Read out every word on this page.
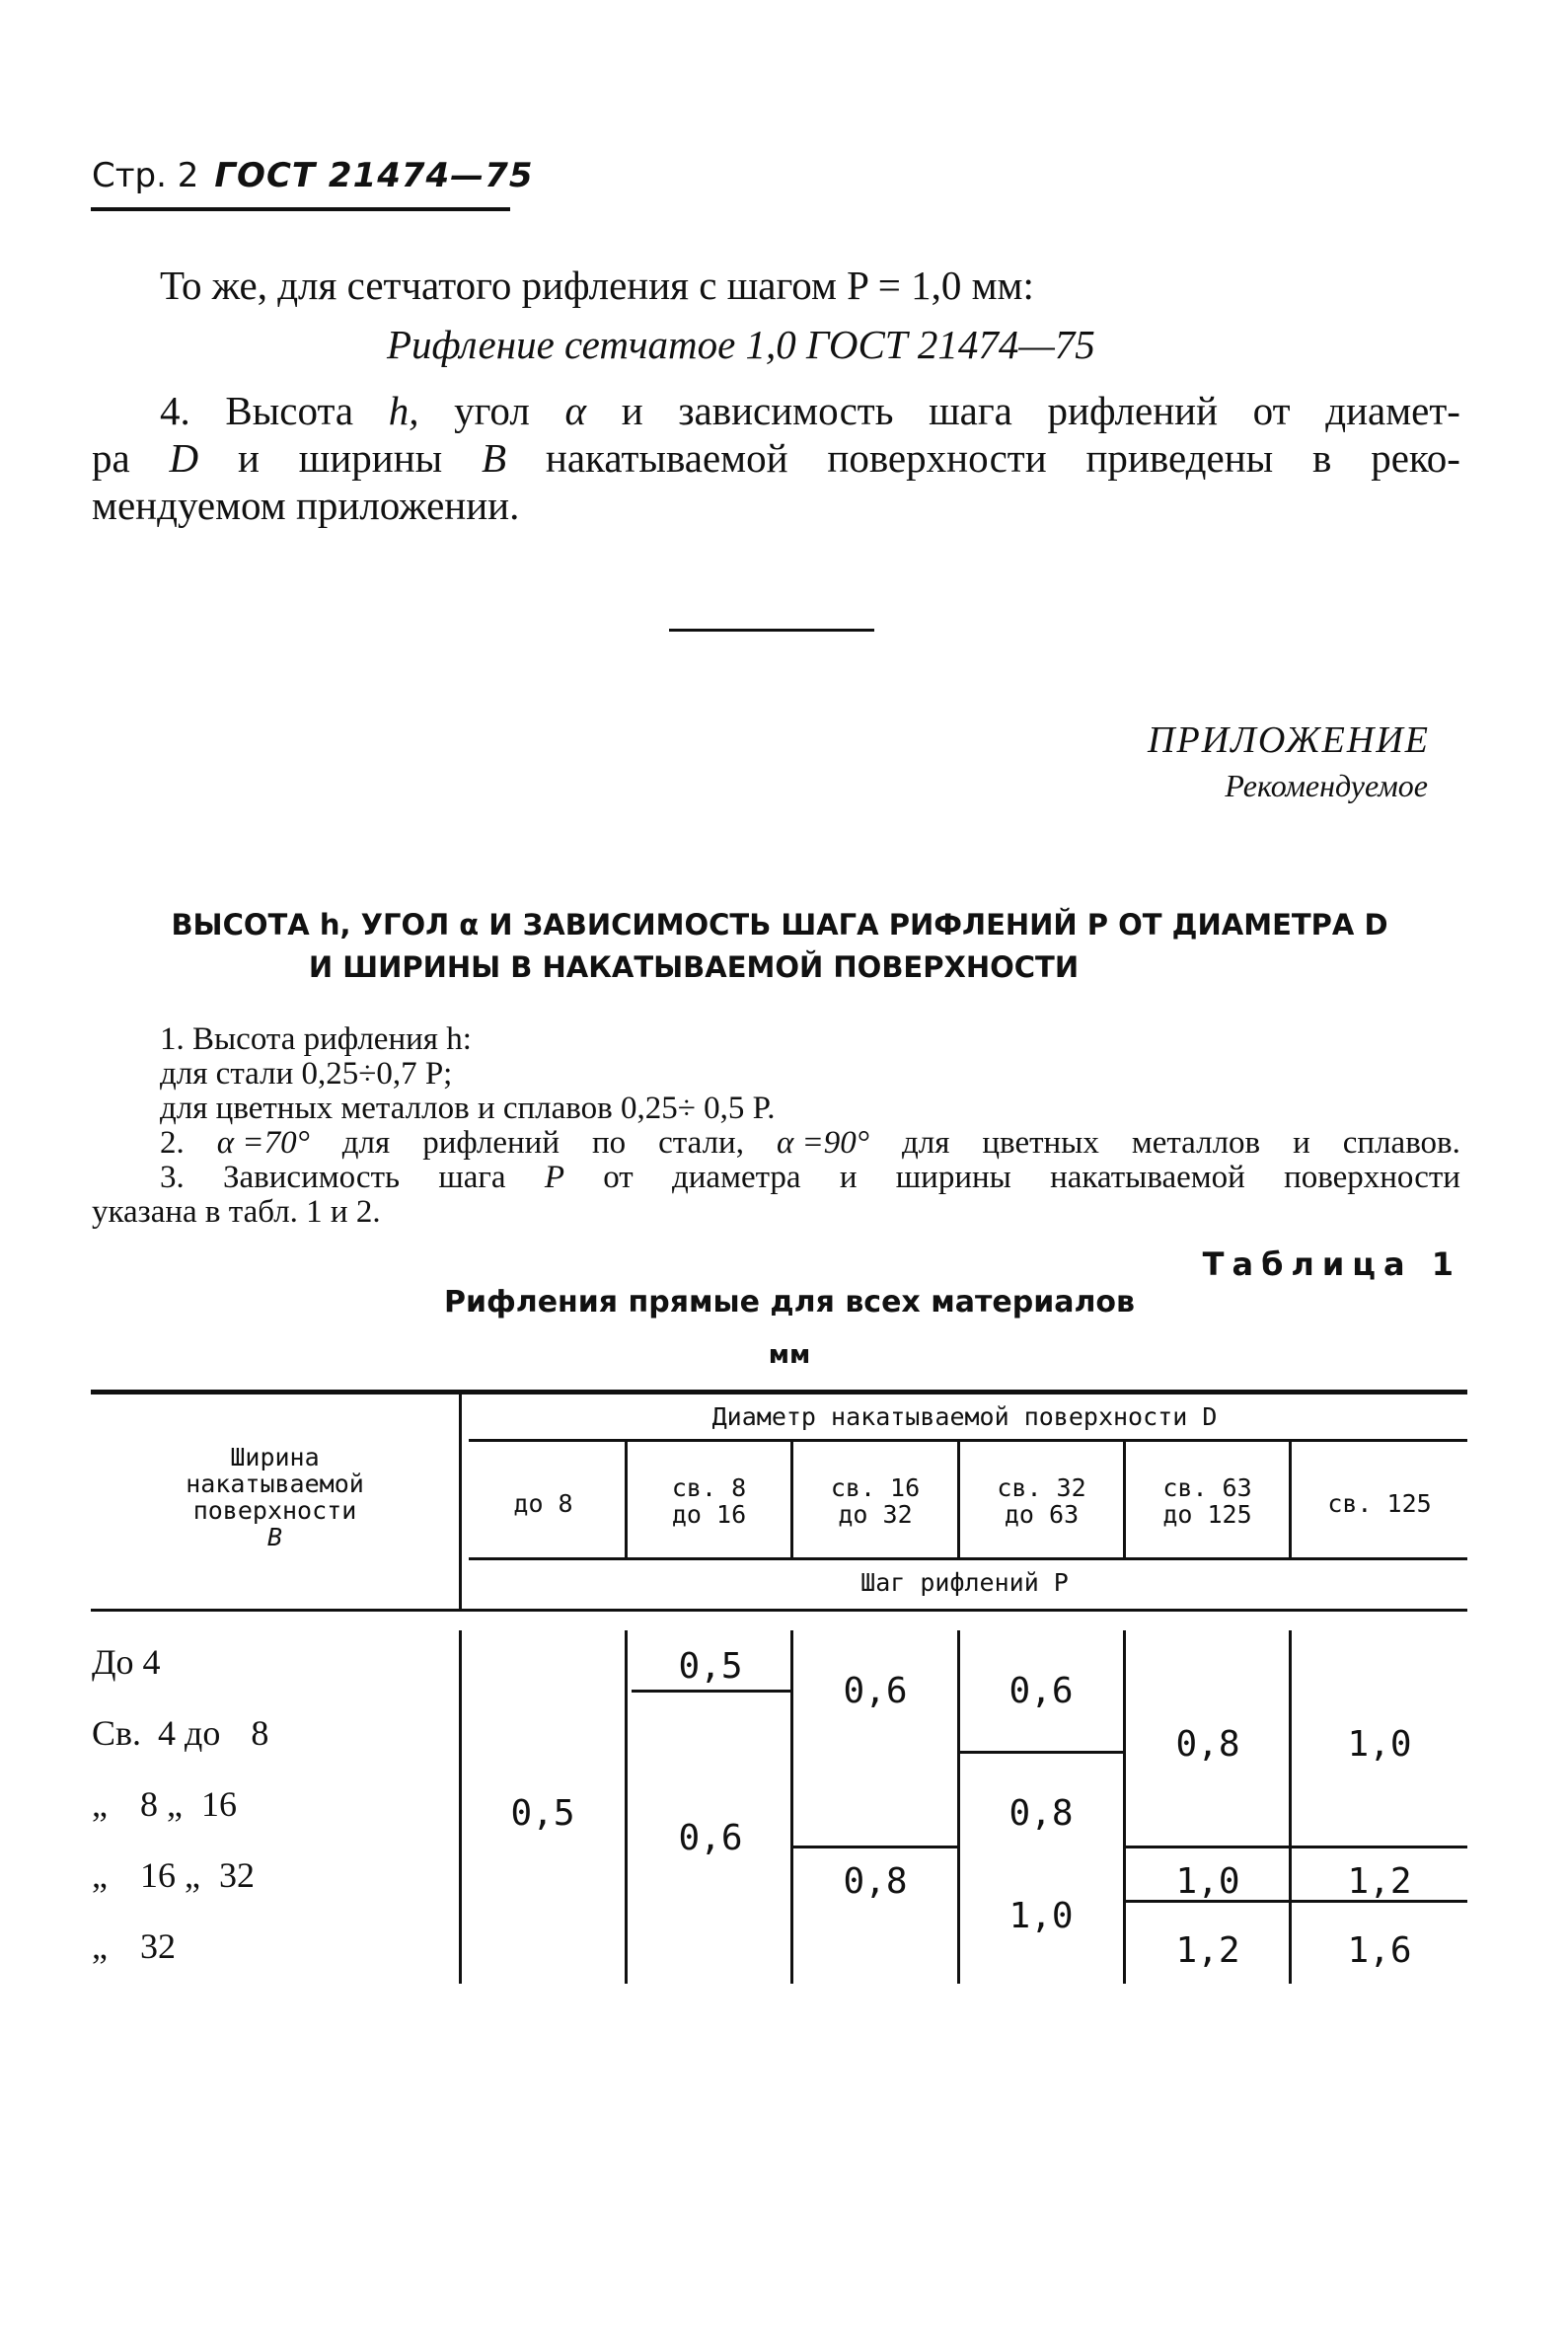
Стр. 2 ГОСТ 21474—75
То же, для сетчатого рифления с шагом P = 1,0 мм:
Рифление сетчатое 1,0 ГОСТ 21474—75
4. Высота h, угол α и зависимость шага рифлений от диамет-
ра D и ширины B накатываемой поверхности приведены в реко-
мендуемом приложении.
ПРИЛОЖЕНИЕ
Рекомендуемое
ВЫСОТА h, УГОЛ α И ЗАВИСИМОСТЬ ШАГА РИФЛЕНИЙ P ОТ ДИАМЕТРА D
И ШИРИНЫ B НАКАТЫВАЕМОЙ ПОВЕРХНОСТИ
1. Высота рифления h:
для стали 0,25÷0,7 P;
для цветных металлов и сплавов 0,25÷ 0,5 P.
2. α =70° для рифлений по стали, α =90° для цветных металлов и сплавов.
3. Зависимость шага P от диаметра и ширины накатываемой поверхности
указана в табл. 1 и 2.
Таблица 1
Рифления прямые для всех материалов
мм
Ширина
накатываемой
поверхности
B
Диаметр накатываемой поверхности D
до 8
св. 8
до 16
св. 16
до 32
св. 32
до 63
св. 63
до 125	св. 125
Шаг рифлений P
До 4
Св. 4 до 8
„ 8 „ 16
„ 16 „ 32
„ 32
0,5
0,5
0,6
0,6
0,8
0,6
0,8
1,0
0,8
1,0
1,2
1,0
1,2
1,6
